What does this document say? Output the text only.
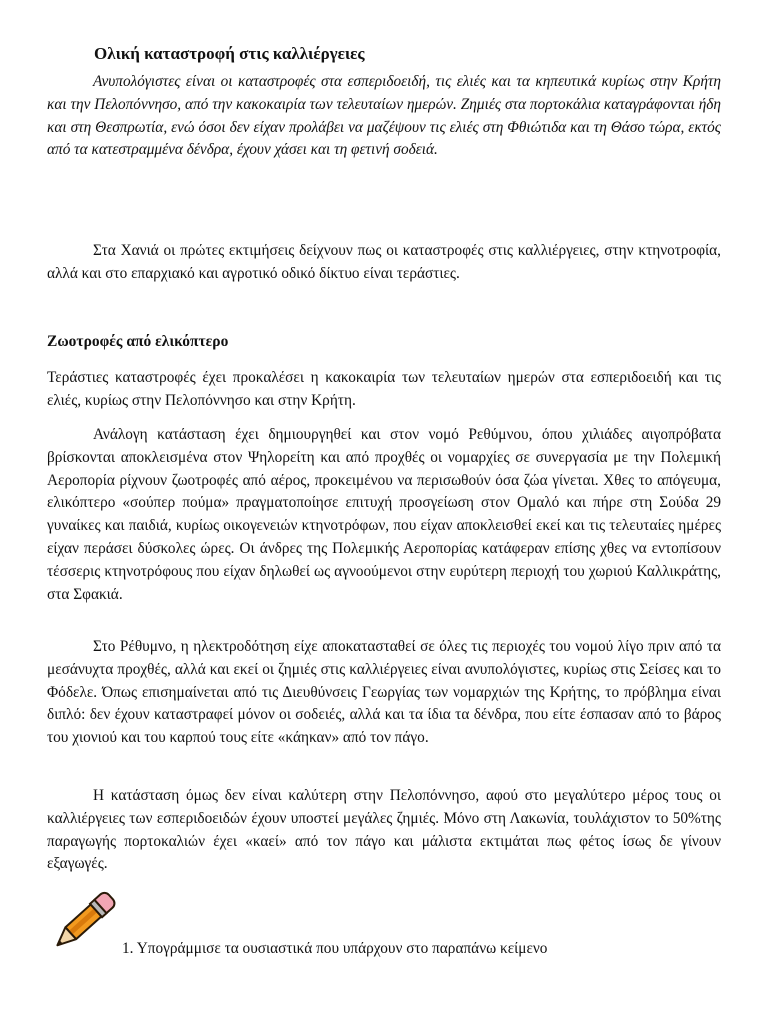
Ολική καταστροφή στις καλλιέργειες

Ανυπολόγιστες είναι οι καταστροφές στα εσπεριδοειδή, τις ελιές και τα κηπευτικά κυρίως στην Κρήτη και την Πελοπόννησο, από την κακοκαιρία των τελευταίων ημερών. Ζημιές στα πορτοκάλια καταγράφονται ήδη και στη Θεσπρωτία, ενώ όσοι δεν είχαν προλάβει να μαζέψουν τις ελιές στη Φθιώτιδα και τη Θάσο τώρα, εκτός από τα κατεστραμμένα δένδρα, έχουν χάσει και τη φετινή σοδειά.

Στα Χανιά οι πρώτες εκτιμήσεις δείχνουν πως οι καταστροφές στις καλλιέργειες, στην κτηνοτροφία, αλλά και στο επαρχιακό και αγροτικό οδικό δίκτυο είναι τεράστιες.

Ζωοτροφές από ελικόπτερο

Τεράστιες καταστροφές έχει προκαλέσει η κακοκαιρία των τελευταίων ημερών στα εσπεριδοειδή και τις ελιές, κυρίως στην Πελοπόννησο και στην Κρήτη.

Ανάλογη κατάσταση έχει δημιουργηθεί και στον νομό Ρεθύμνου, όπου χιλιάδες αιγοπρόβατα βρίσκονται αποκλεισμένα στον Ψηλορείτη και από προχθές οι νομαρχίες σε συνεργασία με την Πολεμική Αεροπορία ρίχνουν ζωοτροφές από αέρος, προκειμένου να περισωθούν όσα ζώα γίνεται. Χθες το απόγευμα, ελικόπτερο «σούπερ πούμα» πραγματοποίησε επιτυχή προσγείωση στον Ομαλό και πήρε στη Σούδα 29 γυναίκες και παιδιά, κυρίως οικογενειών κτηνοτρόφων, που είχαν αποκλεισθεί εκεί και τις τελευταίες ημέρες είχαν περάσει δύσκολες ώρες. Οι άνδρες της Πολεμικής Αεροπορίας κατάφεραν επίσης χθες να εντοπίσουν τέσσερις κτηνοτρόφους που είχαν δηλωθεί ως αγνοούμενοι στην ευρύτερη περιοχή του χωριού Καλλικράτης, στα Σφακιά.

Στο Ρέθυμνο, η ηλεκτροδότηση είχε αποκατασταθεί σε όλες τις περιοχές του νομού λίγο πριν από τα μεσάνυχτα προχθές, αλλά και εκεί οι ζημιές στις καλλιέργειες είναι ανυπολόγιστες, κυρίως στις Σείσες και το Φόδελε. Όπως επισημαίνεται από τις Διευθύνσεις Γεωργίας των νομαρχιών της Κρήτης, το πρόβλημα είναι διπλό: δεν έχουν καταστραφεί μόνον οι σοδειές, αλλά και τα ίδια τα δένδρα, που είτε έσπασαν από το βάρος του χιονιού και του καρπού τους είτε «κάηκαν» από τον πάγο.

Η κατάσταση όμως δεν είναι καλύτερη στην Πελοπόννησο, αφού στο μεγαλύτερο μέρος τους οι καλλιέργειες των εσπεριδοειδών έχουν υποστεί μεγάλες ζημιές. Μόνο στη Λακωνία, τουλάχιστον το 50%της παραγωγής πορτοκαλιών έχει «καεί» από τον πάγο και μάλιστα εκτιμάται πως φέτος ίσως δε γίνουν εξαγωγές.

1. Υπογράμμισε τα ουσιαστικά που υπάρχουν στο παραπάνω κείμενο
